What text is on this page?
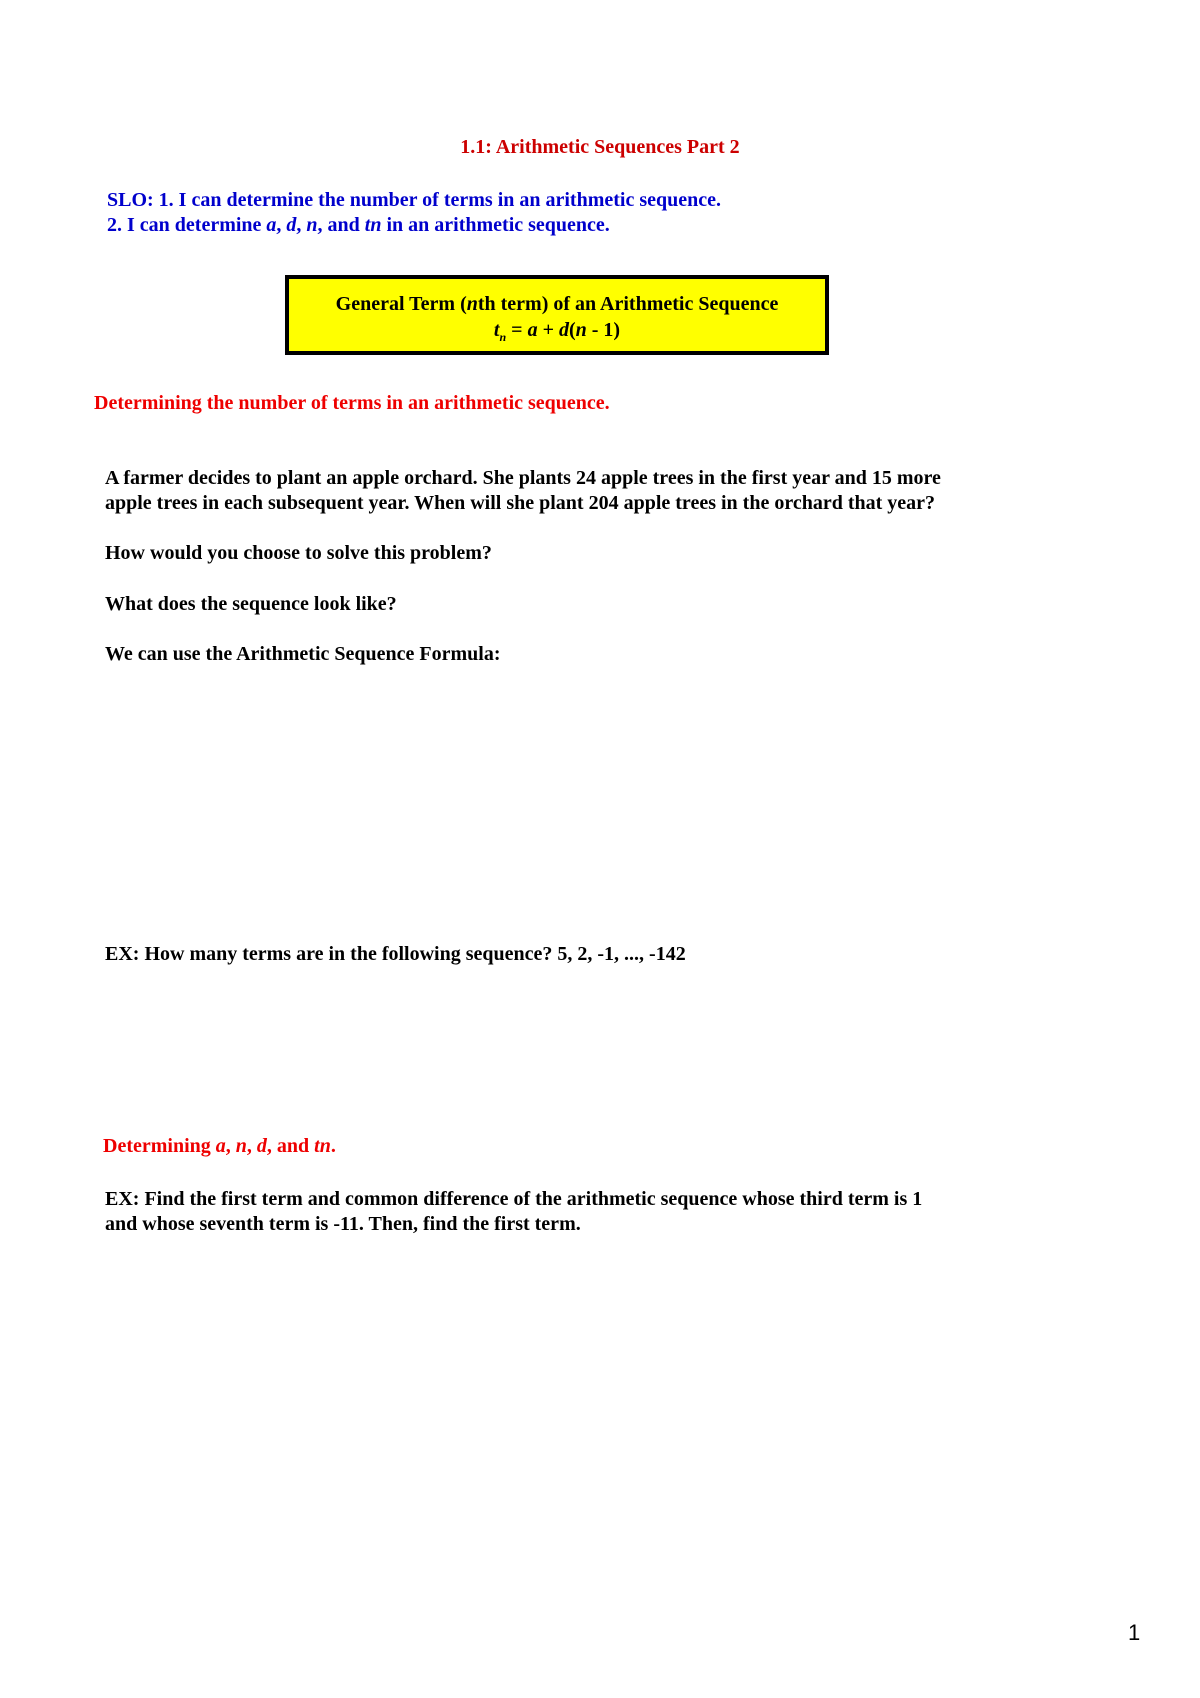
1.1: Arithmetic Sequences Part 2
SLO: 1. I can determine the number of terms in an arithmetic sequence.
2. I can determine a, d, n, and tn in an arithmetic sequence.
General Term (nth term) of an Arithmetic Sequence
$t_n = a + d(n - 1)$
Determining the number of terms in an arithmetic sequence.
A farmer decides to plant an apple orchard. She plants 24 apple trees in the first year and 15 more
apple trees in each subsequent year. When will she plant 204 apple trees in the orchard that year?
How would you choose to solve this problem?
What does the sequence look like?
We can use the Arithmetic Sequence Formula:
EX: How many terms are in the following sequence? 5, 2, -1, ..., -142
Determining a, n, d, and tn.
EX: Find the first term and common difference of the arithmetic sequence whose third term is 1
and whose seventh term is -11. Then, find the first term.
1
